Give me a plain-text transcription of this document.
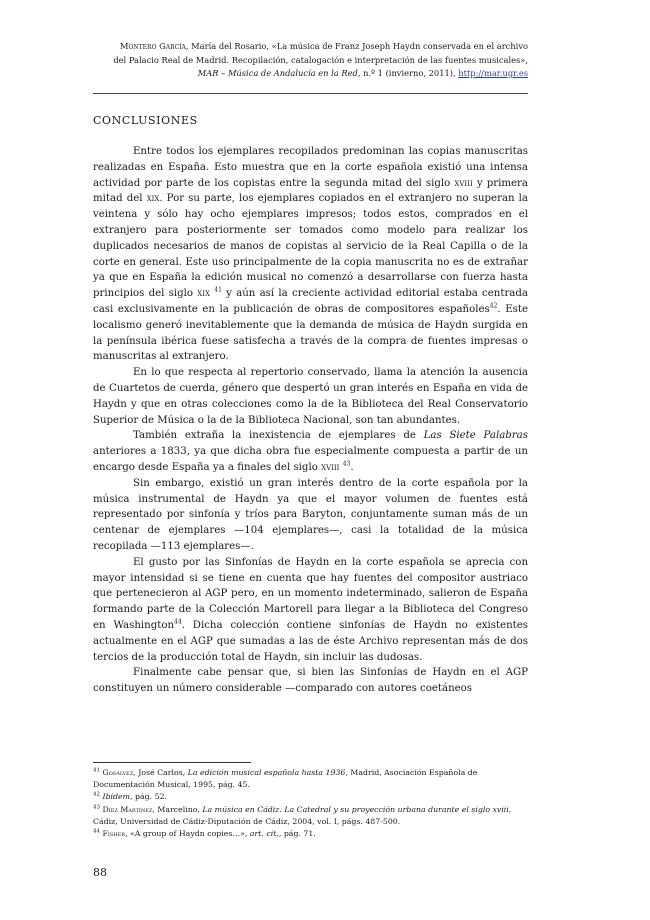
Montero García, María del Rosario, «La música de Franz Joseph Haydn conservada en el archivo del Palacio Real de Madrid. Recopilación, catalogación e interpretación de las fuentes musicales», MAR – Música de Andalucía en la Red, n.º 1 (invierno, 2011), http://mar.ugr.es
CONCLUSIONES

Entre todos los ejemplares recopilados predominan las copias manuscritas realizadas en España. Esto muestra que en la corte española existió una intensa actividad por parte de los copistas entre la segunda mitad del siglo xviii y primera mitad del xix. Por su parte, los ejemplares copiados en el extranjero no superan la veintena y sólo hay ocho ejemplares impresos; todos estos, comprados en el extranjero para posteriormente ser tomados como modelo para realizar los duplicados necesarios de manos de copistas al servicio de la Real Capilla o de la corte en general. Este uso principalmente de la copia manuscrita no es de extrañar ya que en España la edición musical no comenzó a desarrollarse con fuerza hasta principios del siglo xix $^{41}$ y aún así la creciente actividad editorial estaba centrada casi exclusivamente en la publicación de obras de compositores españoles$^{42}$. Este localismo generó inevitablemente que la demanda de música de Haydn surgida en la península ibérica fuese satisfecha a través de la compra de fuentes impresas o manuscritas al extranjero.

En lo que respecta al repertorio conservado, llama la atención la ausencia de Cuartetos de cuerda, género que despertó un gran interés en España en vida de Haydn y que en otras colecciones como la de la Biblioteca del Real Conservatorio Superior de Música o la de la Biblioteca Nacional, son tan abundantes.

También extraña la inexistencia de ejemplares de Las Siete Palabras anteriores a 1833, ya que dicha obra fue especialmente compuesta a partir de un encargo desde España ya a finales del siglo xviii $^{43}$.

Sin embargo, existió un gran interés dentro de la corte española por la música instrumental de Haydn ya que el mayor volumen de fuentes está representado por sinfonía y tríos para Baryton, conjuntamente suman más de un centenar de ejemplares —104 ejemplares—, casi la totalidad de la música recopilada —113 ejemplares—.

El gusto por las Sinfonías de Haydn en la corte española se aprecia con mayor intensidad si se tiene en cuenta que hay fuentes del compositor austriaco que pertenecieron al AGP pero, en un momento indeterminado, salieron de España formando parte de la Colección Martorell para llegar a la Biblioteca del Congreso en Washington$^{44}$. Dicha colección contiene sinfonías de Haydn no existentes actualmente en el AGP que sumadas a las de éste Archivo representan más de dos tercios de la producción total de Haydn, sin incluir las dudosas.

Finalmente cabe pensar que, si bien las Sinfonías de Haydn en el AGP constituyen un número considerable —comparado con autores coetáneos

$^{41}$ Gosálvez, José Carlos, La edición musical española hasta 1936, Madrid, Asociación Española de Documentación Musical, 1995, pág. 45.
$^{42}$ Ibidem, pág. 52.
$^{43}$ Díez Martínez, Marcelino, La música en Cádiz. La Catedral y su proyección urbana durante el siglo xviii, Cádiz, Universidad de Cádiz-Diputación de Cádiz, 2004, vol. I, págs. 487-500.
$^{44}$ Fisher, «A group of Haydn copies…», art. cit., pág. 71.
88
